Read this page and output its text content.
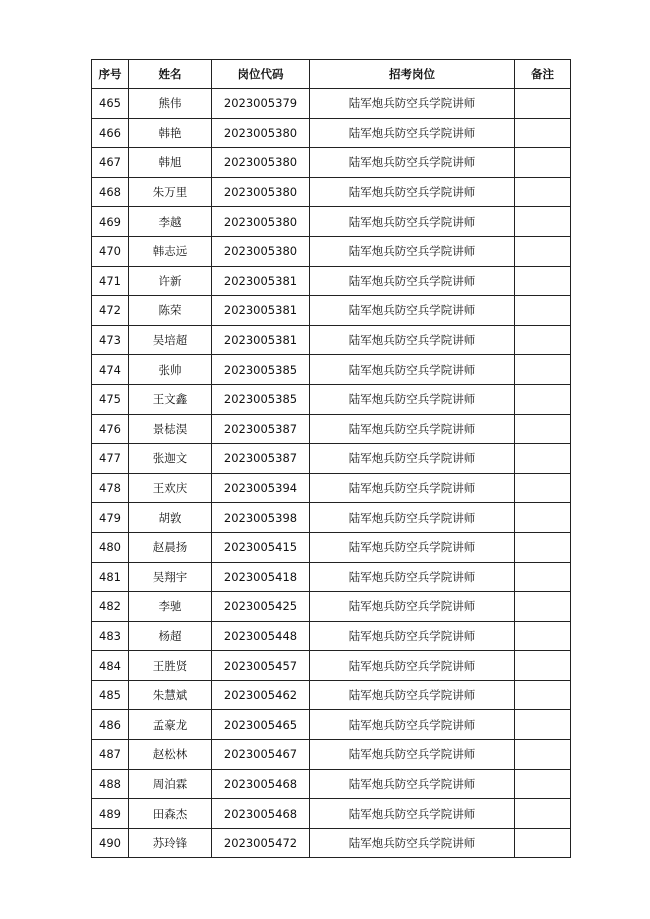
序号	姓名	岗位代码	招考岗位	备注
465	熊伟	2023005379	陆军炮兵防空兵学院讲师	
466	韩艳	2023005380	陆军炮兵防空兵学院讲师	
467	韩旭	2023005380	陆军炮兵防空兵学院讲师	
468	朱万里	2023005380	陆军炮兵防空兵学院讲师	
469	李越	2023005380	陆军炮兵防空兵学院讲师	
470	韩志远	2023005380	陆军炮兵防空兵学院讲师	
471	许新	2023005381	陆军炮兵防空兵学院讲师	
472	陈荣	2023005381	陆军炮兵防空兵学院讲师	
473	吴培超	2023005381	陆军炮兵防空兵学院讲师	
474	张帅	2023005385	陆军炮兵防空兵学院讲师	
475	王文鑫	2023005385	陆军炮兵防空兵学院讲师	
476	景梽淏	2023005387	陆军炮兵防空兵学院讲师	
477	张迦文	2023005387	陆军炮兵防空兵学院讲师	
478	王欢庆	2023005394	陆军炮兵防空兵学院讲师	
479	胡敦	2023005398	陆军炮兵防空兵学院讲师	
480	赵晨扬	2023005415	陆军炮兵防空兵学院讲师	
481	吴翔宇	2023005418	陆军炮兵防空兵学院讲师	
482	李驰	2023005425	陆军炮兵防空兵学院讲师	
483	杨超	2023005448	陆军炮兵防空兵学院讲师	
484	王胜贤	2023005457	陆军炮兵防空兵学院讲师	
485	朱慧斌	2023005462	陆军炮兵防空兵学院讲师	
486	孟豪龙	2023005465	陆军炮兵防空兵学院讲师	
487	赵松林	2023005467	陆军炮兵防空兵学院讲师	
488	周泊霖	2023005468	陆军炮兵防空兵学院讲师	
489	田森杰	2023005468	陆军炮兵防空兵学院讲师	
490	苏玲锋	2023005472	陆军炮兵防空兵学院讲师	
